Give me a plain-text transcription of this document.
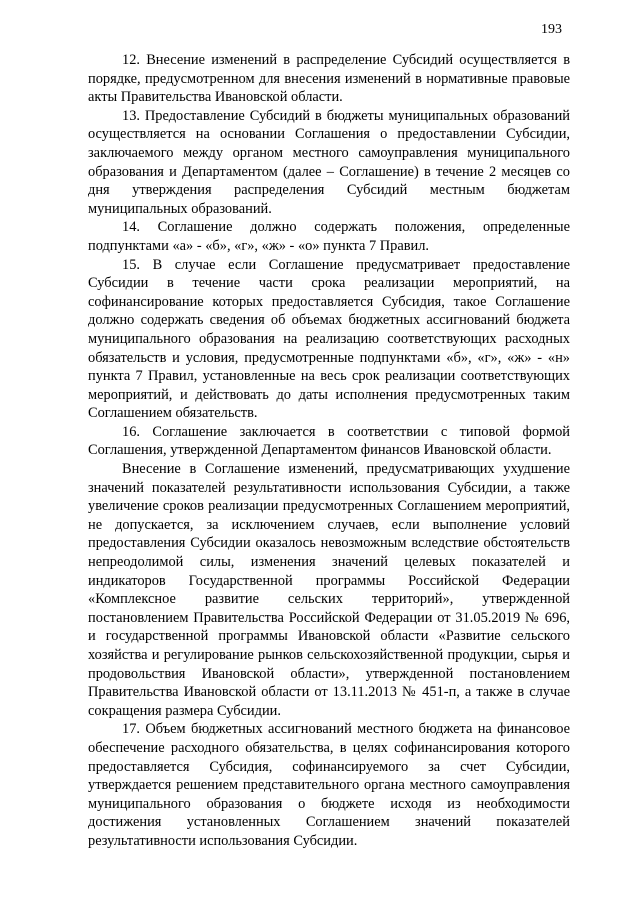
193

12. Внесение изменений в распределение Субсидий осуществляется в порядке, предусмотренном для внесения изменений в нормативные правовые акты Правительства Ивановской области.

13. Предоставление Субсидий в бюджеты муниципальных образований осуществляется на основании Соглашения о предоставлении Субсидии, заключаемого между органом местного самоуправления муниципального образования и Департаментом (далее – Соглашение) в течение 2 месяцев со дня утверждения распределения Субсидий местным бюджетам муниципальных образований.

14. Соглашение должно содержать положения, определенные подпунктами «а» - «б», «г», «ж» - «о» пункта 7 Правил.

15. В случае если Соглашение предусматривает предоставление Субсидии в течение части срока реализации мероприятий, на софинансирование которых предоставляется Субсидия, такое Соглашение должно содержать сведения об объемах бюджетных ассигнований бюджета муниципального образования на реализацию соответствующих расходных обязательств и условия, предусмотренные подпунктами «б», «г», «ж» - «н» пункта 7 Правил, установленные на весь срок реализации соответствующих мероприятий, и действовать до даты исполнения предусмотренных таким Соглашением обязательств.

16. Соглашение заключается в соответствии с типовой формой Соглашения, утвержденной Департаментом финансов Ивановской области.

Внесение в Соглашение изменений, предусматривающих ухудшение значений показателей результативности использования Субсидии, а также увеличение сроков реализации предусмотренных Соглашением мероприятий, не допускается, за исключением случаев, если выполнение условий предоставления Субсидии оказалось невозможным вследствие обстоятельств непреодолимой силы, изменения значений целевых показателей и индикаторов Государственной программы Российской Федерации «Комплексное развитие сельских территорий», утвержденной постановлением Правительства Российской Федерации от 31.05.2019 № 696, и государственной программы Ивановской области «Развитие сельского хозяйства и регулирование рынков сельскохозяйственной продукции, сырья и продовольствия Ивановской области», утвержденной постановлением Правительства Ивановской области от 13.11.2013 № 451-п, а также в случае сокращения размера Субсидии.

17. Объем бюджетных ассигнований местного бюджета на финансовое обеспечение расходного обязательства, в целях софинансирования которого предоставляется Субсидия, софинансируемого за счет Субсидии, утверждается решением представительного органа местного самоуправления муниципального образования о бюджете исходя из необходимости достижения установленных Соглашением значений показателей результативности использования Субсидии.
